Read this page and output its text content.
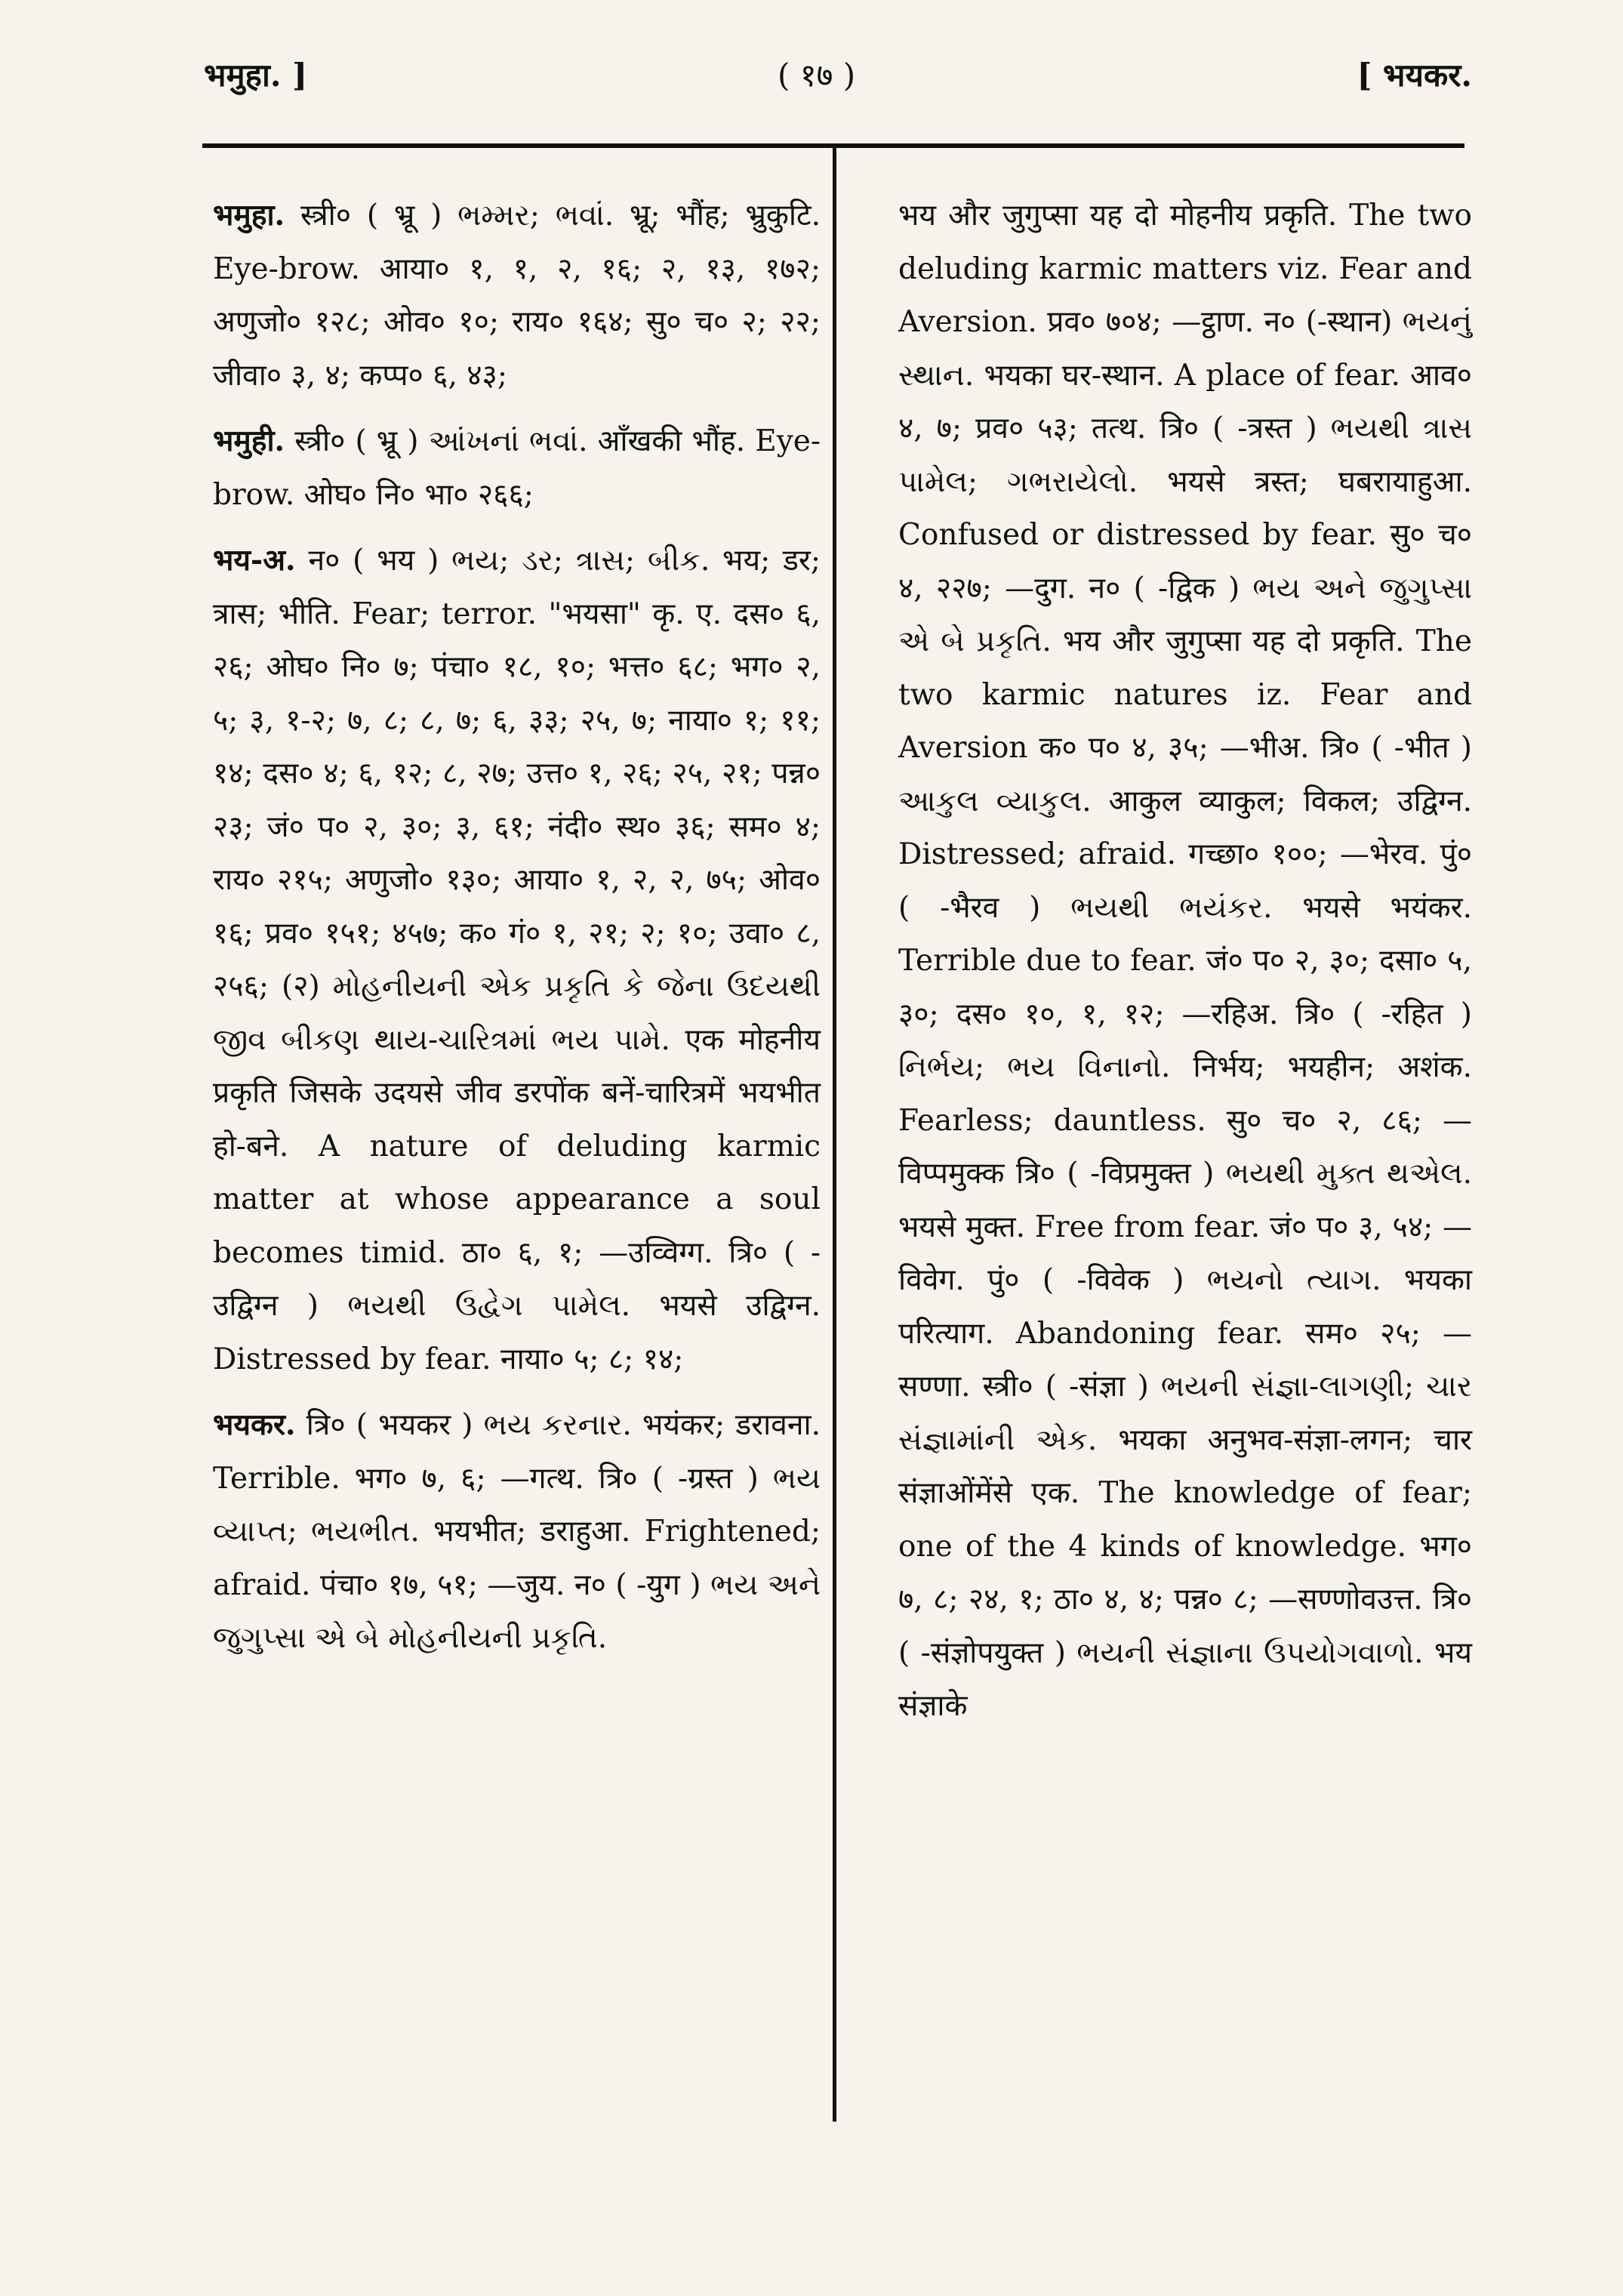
भमुहा. ]	( १७ )	[ भयकर.

भमुहा. स्त्री० ( भ्रू ) ભમ્મર; ભવાં. भ्रू; भौंह; भ्रुकुटि. Eye-brow. आया० १, १, २, १६; २, १३, १७२; अणुजो० १२८; ओव० १०; राय० १६४; सु० च० २; २२; जीवा० ३, ४; कप्प० ६, ४३;

भमुही. स्त्री० ( भ्रू ) આંખનાં ભવાં. आँखकी भौंह. Eye-brow. ओघ० नि० भा० २६६;

भय-अ. न० ( भय ) ભય; ડર; ત્રાસ; બીક. भय; डर; त्रास; भीति. Fear; terror. "भयसा" कृ. ए. दस० ६, २६; ओघ० नि० ७; पंचा० १८, १०; भत्त० ६८; भग० २, ५; ३, १-२; ७, ८; ८, ७; ६, ३३; २५, ७; नाया० १; ११; १४; दस० ४; ६, १२; ८, २७; उत्त० १, २६; २५, २१; पन्न० २३; जं० प० २, ३०; ३, ६१; नंदी० स्थ० ३६; सम० ४; राय० २१५; अणुजो० १३०; आया० १, २, २, ७५; ओव० १६; प्रव० १५१; ४५७; क० गं० १, २१; २; १०; उवा० ८, २५६; (२) મોહનીયની એક પ્રકૃતિ કે જેના ઉદયથી જીવ બીકણ થાય-ચારિત્રમાં ભય પામે. एक मोहनीय प्रकृति जिसके उदयसे जीव डरपोंक बनें-चारित्रमें भयभीत हो-बने. A nature of deluding karmic matter at whose appearance a soul becomes timid. ठा० ६, १; —उव्विग्ग. त्रि० ( -उद्विग्न ) ભયથી ઉદ્વેગ પામેલ. भयसे उद्विग्न. Distressed by fear. नाया० ५; ८; १४;

भयकर. त्रि० ( भयकर ) ભય કરનાર. भयंकर; डरावना. Terrible. भग० ७, ६; —गत्थ. त्रि० ( -ग्रस्त ) ભય વ્યાપ્ત; ભયભીત. भयभीत; डराहुआ. Frightened; afraid. पंचा० १७, ५१; —जुय. न० ( -युग ) ભય અને જુગુપ્સા એ બે મોહનીયની પ્રકૃતિ.

भय और जुगुप्सा यह दो मोहनीय प्रकृति. The two deluding karmic matters viz. Fear and Aversion. प्रव० ७०४; —ट्ठाण. न० (-स्थान) ભયનું સ્થાન. भयका घर-स्थान. A place of fear. आव० ४, ७; प्रव० ५३; तत्थ. त्रि० ( -त्रस्त ) ભયથી ત્રાસ પામેલ; ગભરાયેલો. भयसे त्रस्त; घबरायाहुआ. Confused or distressed by fear. सु० च० ४, २२७; —दुग. न० ( -द्विक ) ભય અને જુગુપ્સા એ બે પ્રકૃતિ. भय और जुगुप्सा यह दो प्रकृति. The two karmic natures iz. Fear and Aversion क० प० ४, ३५; —भीअ. त्रि० ( -भीत ) આકુલ વ્યાકુલ. आकुल व्याकुल; विकल; उद्विग्न. Distressed; afraid. गच्छा० १००; —भेरव. पुं० ( -भैरव ) ભયથી ભયંકર. भयसे भयंकर. Terrible due to fear. जं० प० २, ३०; दसा० ५, ३०; दस० १०, १, १२; —रहिअ. त्रि० ( -रहित ) નિર્ભય; ભય વિનાનો. निर्भय; भयहीन; अशंक. Fearless; dauntless. सु० च० २, ८६; —विप्पमुक्क त्रि० ( -विप्रमुक्त ) ભયથી મુક્ત થએલ. भयसे मुक्त. Free from fear. जं० प० ३, ५४; —विवेग. पुं० ( -विवेक ) ભયનો ત્યાગ. भयका परित्याग. Abandoning fear. सम० २५; —सण्णा. स्त्री० ( -संज्ञा ) ભયની સંજ્ઞા-લાગણી; ચાર સંજ્ઞામાંની એક. भयका अनुभव-संज्ञा-लगन; चार संज्ञाओंमेंसे एक. The knowledge of fear; one of the 4 kinds of knowledge. भग० ७, ८; २४, १; ठा० ४, ४; पन्न० ८; —सण्णोवउत्त. त्रि० ( -संज्ञोपयुक्त ) ભયની સંજ્ઞાના ઉપયોગવાળો. भय संज्ञाके
